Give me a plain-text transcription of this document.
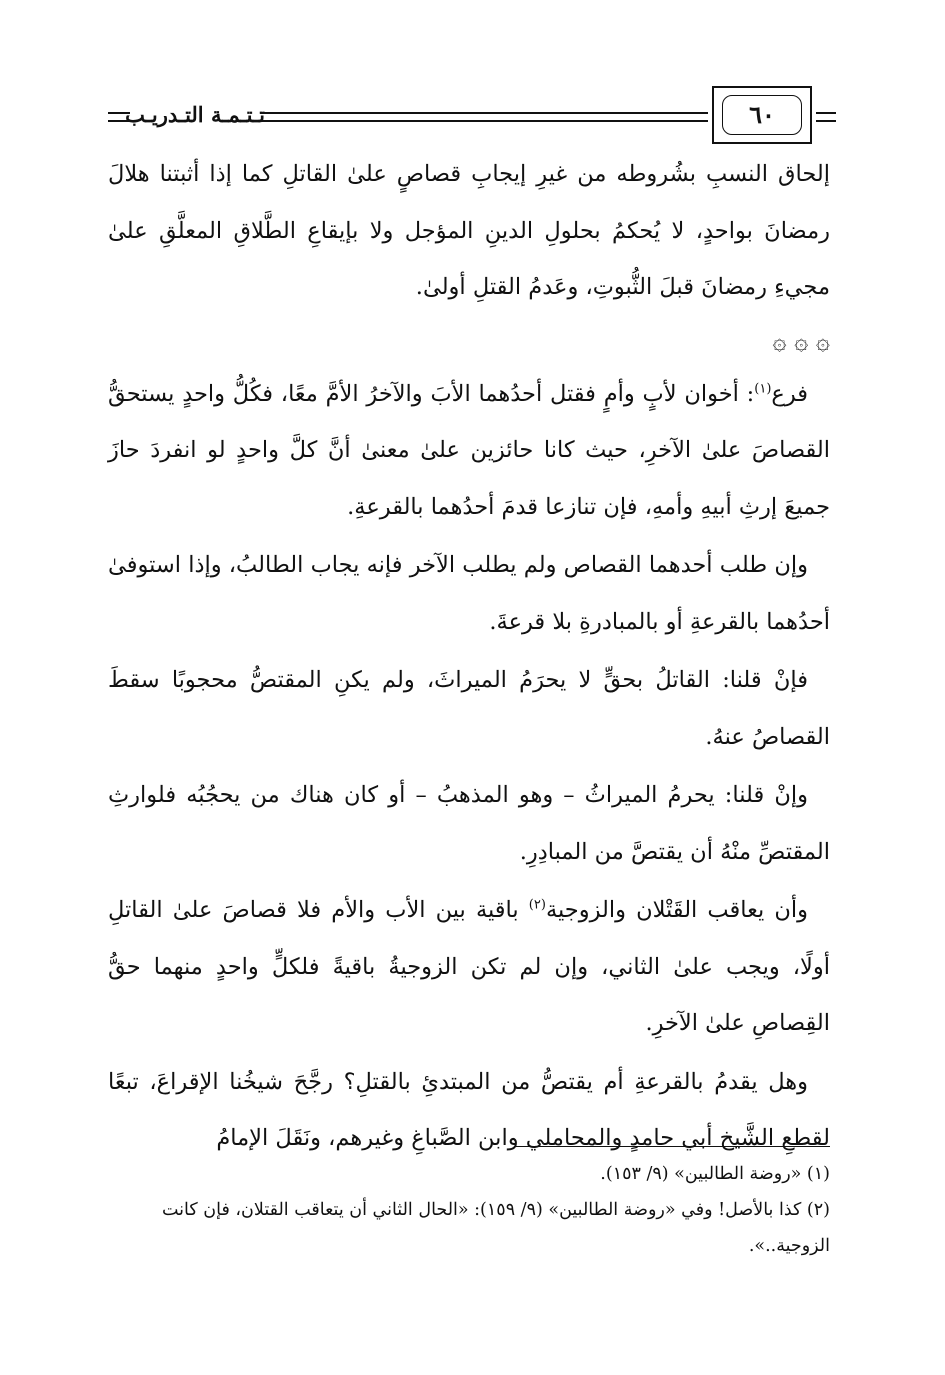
تـتـمـة التـدريـب	٦٠

إلحاق النسبِ بشُروطه من غيرِ إيجابِ قصاصٍ علىٰ القاتلِ كما إذا أثبتنا هلالَ رمضانَ بواحدٍ، لا يُحكمُ بحلولِ الدينِ المؤجل ولا بإيقاعِ الطَّلاقِ المعلَّقِ علىٰ مجيءِ رمضانَ قبلَ الثُّبوتِ، وعَدمُ القتلِ أولىٰ.

۞ ۞ ۞

فرع$^{(١)}$: أخوان لأبٍ وأمٍ فقتل أحدُهما الأبَ والآخرُ الأمَّ معًا، فكُلُّ واحدٍ يستحقُّ القصاصَ علىٰ الآخرِ، حيث كانا حائزين علىٰ معنىٰ أنَّ كلَّ واحدٍ لو انفردَ حازَ جميعَ إرثِ أبيهِ وأمهِ، فإن تنازعا قدمَ أحدُهما بالقرعةِ.

وإن طلب أحدهما القصاص ولم يطلب الآخر فإنه يجاب الطالبُ، وإذا استوفىٰ أحدُهما بالقرعةِ أو بالمبادرةِ بلا قرعةَ.

فإنْ قلنا: القاتلُ بحقٍّ لا يحرَمُ الميراثَ، ولم يكنِ المقتصُّ محجوبًا سقطَ القصاصُ عنهُ.

وإنْ قلنا: يحرمُ الميراثُ – وهو المذهبُ – أو كان هناك من يحجُبُه فلوارثِ المقتصِّ منْهُ أن يقتصَّ من المبادِرِ.

وأن يعاقب القَتْلان والزوجية$^{(٢)}$ باقية بين الأب والأم فلا قصاصَ علىٰ القاتلِ أولًا، ويجب علىٰ الثاني، وإن لم تكن الزوجيةُ باقيةً فلكلٍّ واحدٍ منهما حقُّ القِصاصِ علىٰ الآخرِ.

وهل يقدمُ بالقرعةِ أم يقتصُّ من المبتدئِ بالقتلِ؟ رجَّحَ شيخُنا الإقراعَ، تبعًا لقطعِ الشَّيخ أبي حامدٍ والمحاملي وابن الصَّباغِ وغيرهم، ونَقَلَ الإمامُ

(١) «روضة الطالبين» (٩/ ١٥٣).

(٢) كذا بالأصل! وفي «روضة الطالبين» (٩/ ١٥٩): «الحال الثاني أن يتعاقب القتلان، فإن كانت الزوجية..».
